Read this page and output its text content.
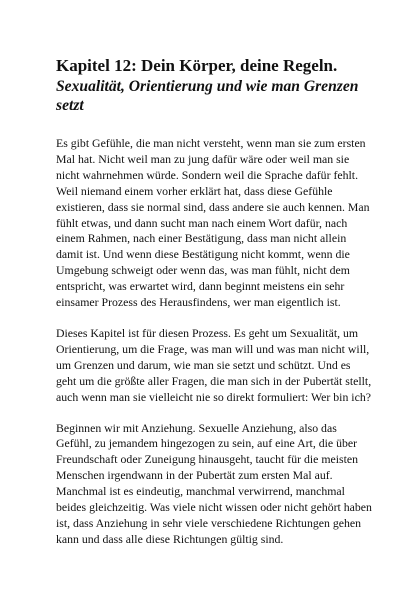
Kapitel 12: Dein Körper, deine Regeln.
Sexualität, Orientierung und wie man Grenzen setzt

Es gibt Gefühle, die man nicht versteht, wenn man sie zum ersten Mal hat. Nicht weil man zu jung dafür wäre oder weil man sie nicht wahrnehmen würde. Sondern weil die Sprache dafür fehlt. Weil niemand einem vorher erklärt hat, dass diese Gefühle existieren, dass sie normal sind, dass andere sie auch kennen. Man fühlt etwas, und dann sucht man nach einem Wort dafür, nach einem Rahmen, nach einer Bestätigung, dass man nicht allein damit ist. Und wenn diese Bestätigung nicht kommt, wenn die Umgebung schweigt oder wenn das, was man fühlt, nicht dem entspricht, was erwartet wird, dann beginnt meistens ein sehr einsamer Prozess des Herausfindens, wer man eigentlich ist.

Dieses Kapitel ist für diesen Prozess. Es geht um Sexualität, um Orientierung, um die Frage, was man will und was man nicht will, um Grenzen und darum, wie man sie setzt und schützt. Und es geht um die größte aller Fragen, die man sich in der Pubertät stellt, auch wenn man sie vielleicht nie so direkt formuliert: Wer bin ich?

Beginnen wir mit Anziehung. Sexuelle Anziehung, also das Gefühl, zu jemandem hingezogen zu sein, auf eine Art, die über Freundschaft oder Zuneigung hinausgeht, taucht für die meisten Menschen irgendwann in der Pubertät zum ersten Mal auf. Manchmal ist es eindeutig, manchmal verwirrend, manchmal beides gleichzeitig. Was viele nicht wissen oder nicht gehört haben ist, dass Anziehung in sehr viele verschiedene Richtungen gehen kann und dass alle diese Richtungen gültig sind.
